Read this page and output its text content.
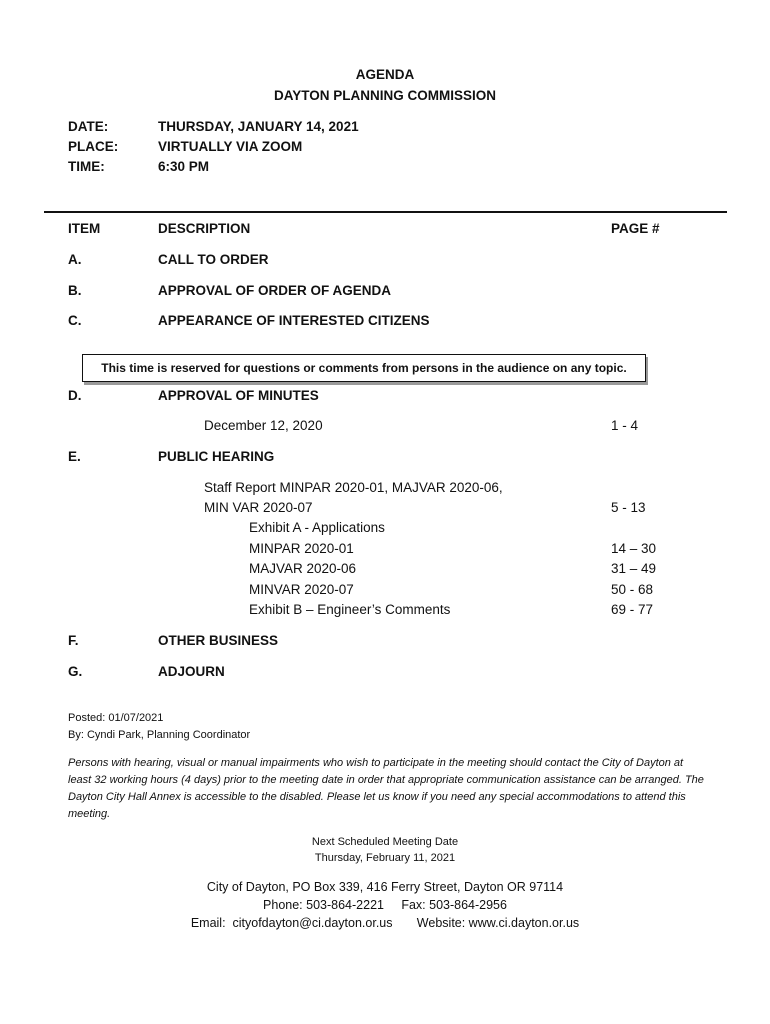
AGENDA
DAYTON PLANNING COMMISSION
DATE:	THURSDAY, JANUARY 14, 2021
PLACE:	VIRTUALLY VIA ZOOM
TIME:	6:30 PM
ITEM	DESCRIPTION	PAGE #
A.	CALL TO ORDER
B.	APPROVAL OF ORDER OF AGENDA
C.	APPEARANCE OF INTERESTED CITIZENS
This time is reserved for questions or comments from persons in the audience on any topic.
D.	APPROVAL OF MINUTES
December 12, 2020	1 - 4
E.	PUBLIC HEARING
Staff Report MINPAR 2020-01, MAJVAR 2020-06,
MIN VAR 2020-07	5 - 13
Exhibit A - Applications
MINPAR 2020-01	14 – 30
MAJVAR 2020-06	31 – 49
MINVAR 2020-07	50 - 68
Exhibit B – Engineer’s Comments	69 - 77
F.	OTHER BUSINESS
G.	ADJOURN
Posted: 01/07/2021
By: Cyndi Park, Planning Coordinator
Persons with hearing, visual or manual impairments who wish to participate in the meeting should contact the City of Dayton at least 32 working hours (4 days) prior to the meeting date in order that appropriate communication assistance can be arranged. The Dayton City Hall Annex is accessible to the disabled. Please let us know if you need any special accommodations to attend this meeting.
Next Scheduled Meeting Date
Thursday, February 11, 2021
City of Dayton, PO Box 339, 416 Ferry Street, Dayton OR 97114
Phone: 503-864-2221     Fax: 503-864-2956
Email:  cityofdayton@ci.dayton.or.us       Website: www.ci.dayton.or.us
